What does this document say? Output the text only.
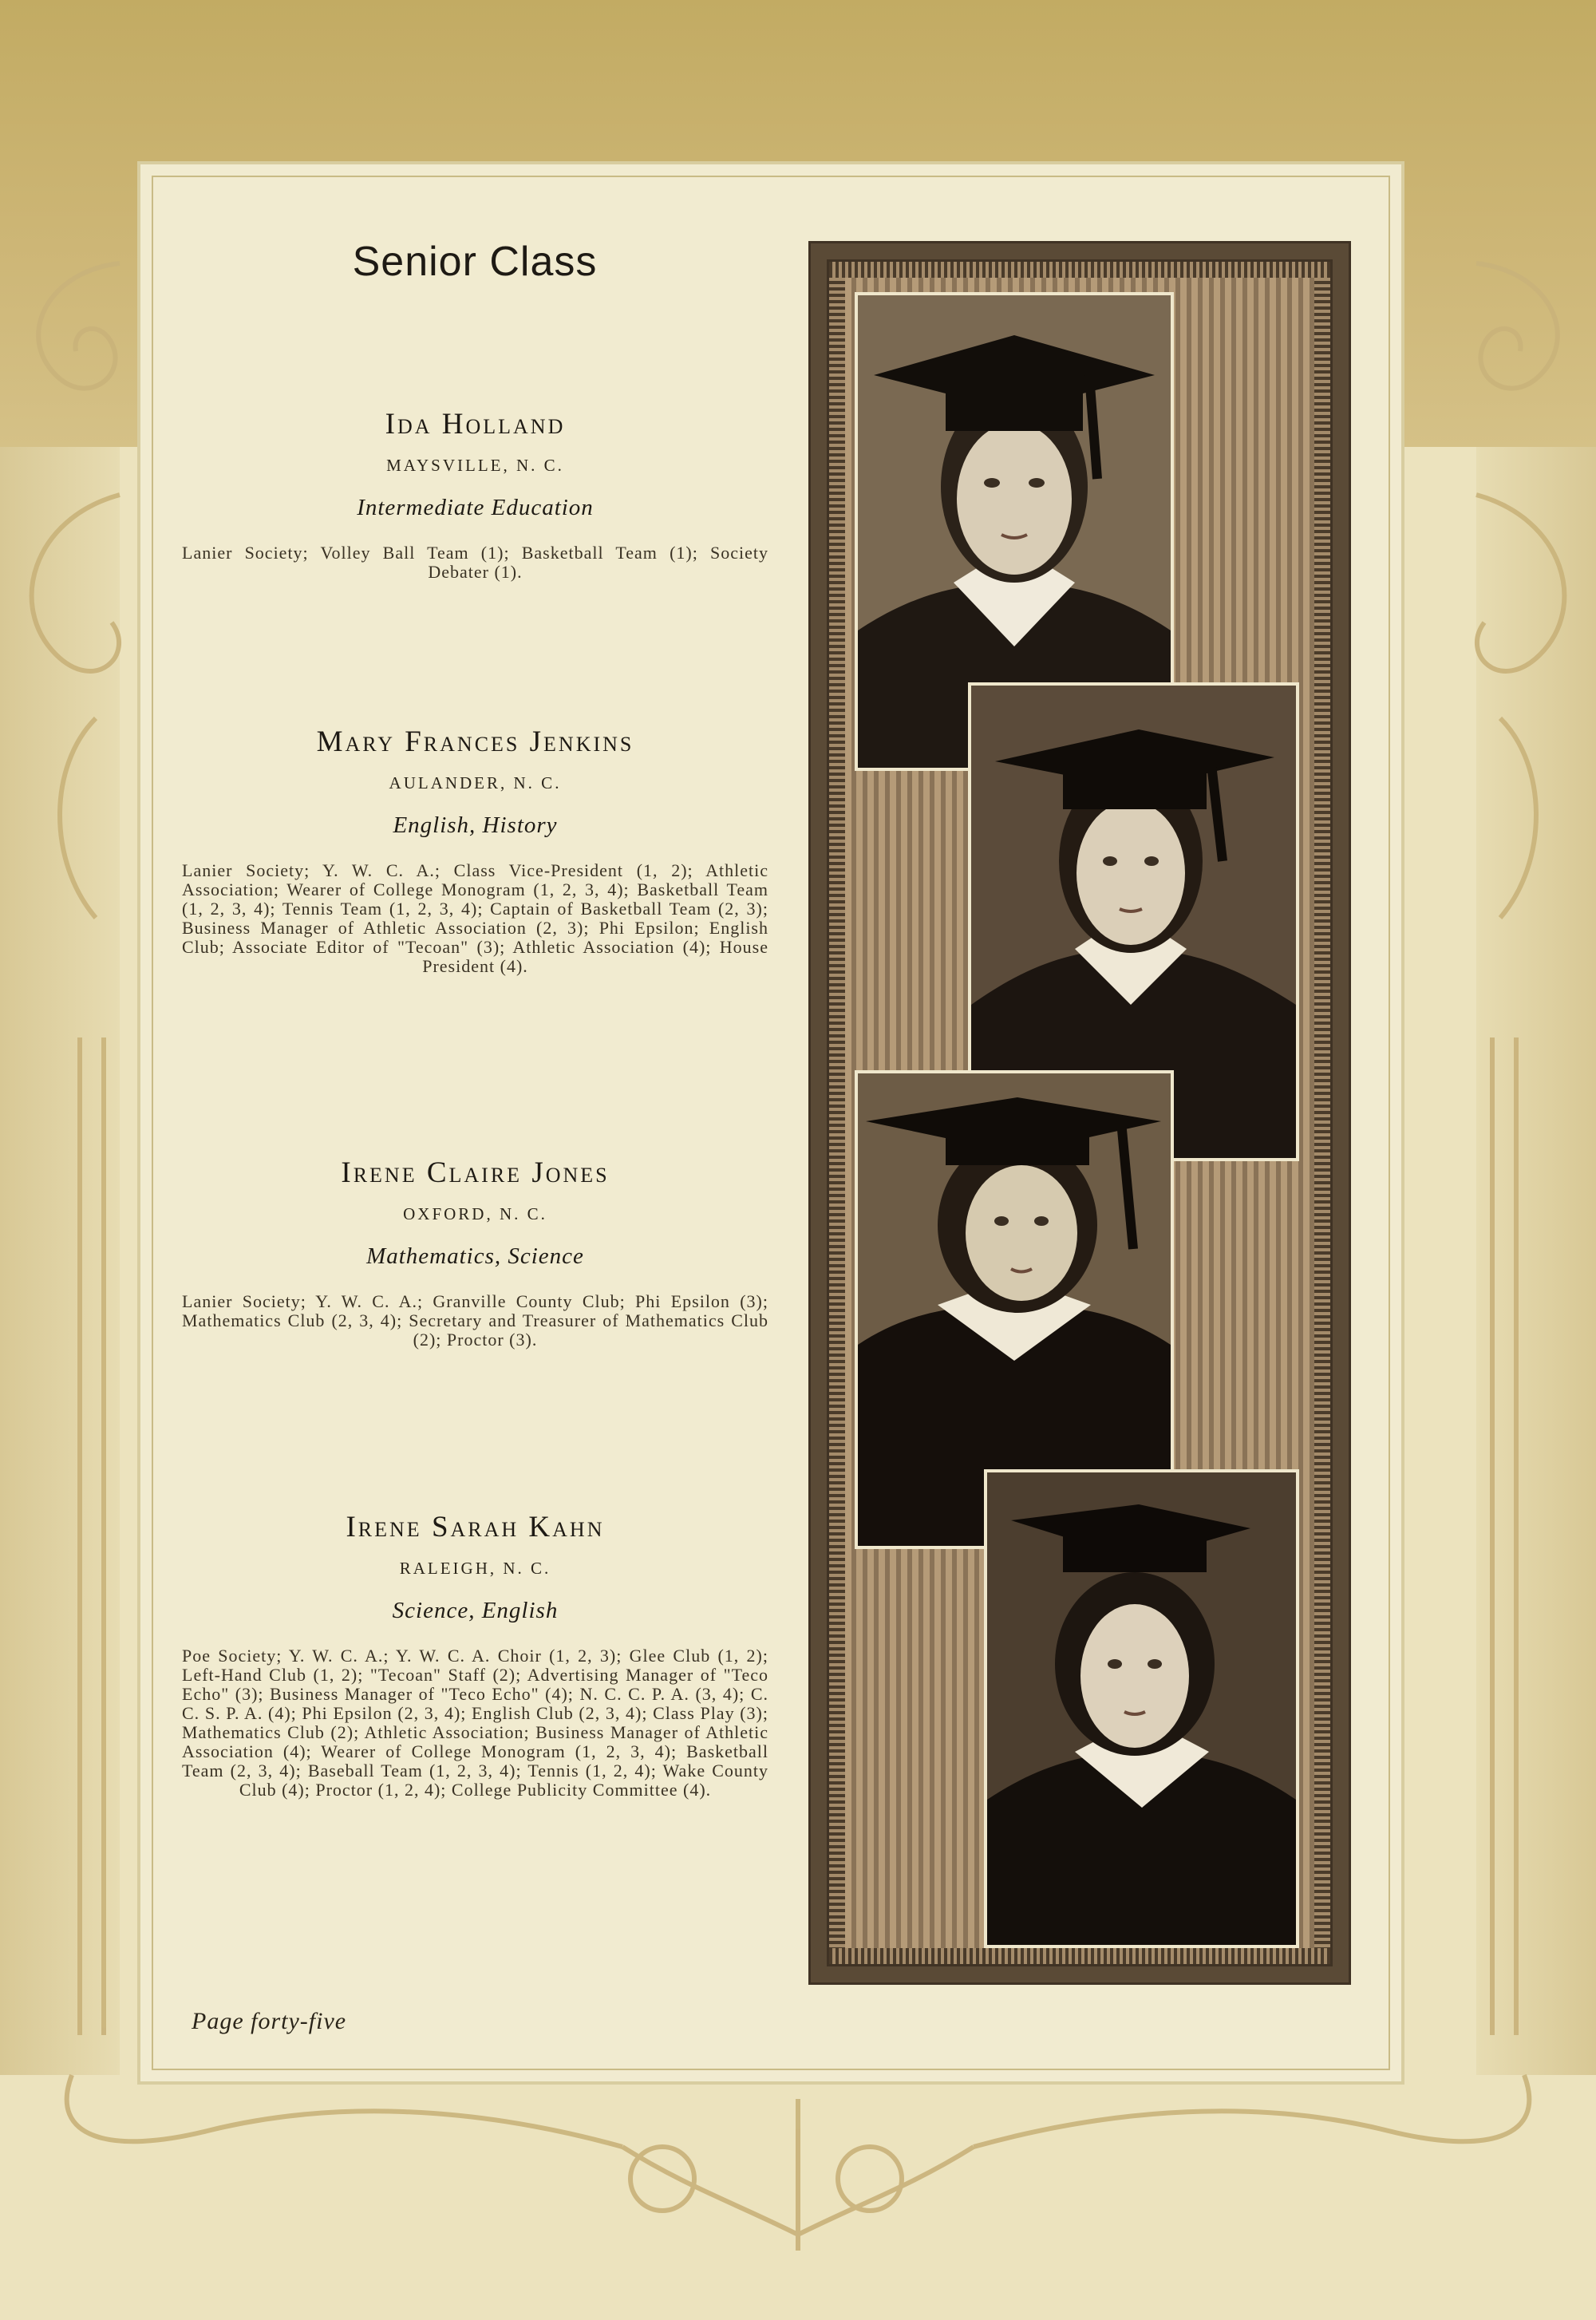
Senior Class
Ida Holland
MAYSVILLE, N. C.
Intermediate Education
Lanier Society; Volley Ball Team (1); Basketball Team (1); Society Debater (1).
Mary Frances Jenkins
AULANDER, N. C.
English, History
Lanier Society; Y. W. C. A.; Class Vice-President (1, 2); Athletic Association; Wearer of College Monogram (1, 2, 3, 4); Basketball Team (1, 2, 3, 4); Tennis Team (1, 2, 3, 4); Captain of Basketball Team (2, 3); Business Manager of Athletic Association (2, 3); Phi Epsilon; English Club; Associate Editor of "Tecoan" (3); Athletic Association (4); House President (4).
Irene Claire Jones
OXFORD, N. C.
Mathematics, Science
Lanier Society; Y. W. C. A.; Granville County Club; Phi Epsilon (3); Mathematics Club (2, 3, 4); Secretary and Treasurer of Mathematics Club (2); Proctor (3).
Irene Sarah Kahn
RALEIGH, N. C.
Science, English
Poe Society; Y. W. C. A.; Y. W. C. A. Choir (1, 2, 3); Glee Club (1, 2); Left-Hand Club (1, 2); "Tecoan" Staff (2); Advertising Manager of "Teco Echo" (3); Business Manager of "Teco Echo" (4); N. C. C. P. A. (3, 4); C. C. S. P. A. (4); Phi Epsilon (2, 3, 4); English Club (2, 3, 4); Class Play (3); Mathematics Club (2); Athletic Association; Business Manager of Athletic Association (4); Wearer of College Monogram (1, 2, 3, 4); Basketball Team (2, 3, 4); Baseball Team (1, 2, 3, 4); Tennis (1, 2, 4); Wake County Club (4); Proctor (1, 2, 4); College Publicity Committee (4).
Page forty-five
